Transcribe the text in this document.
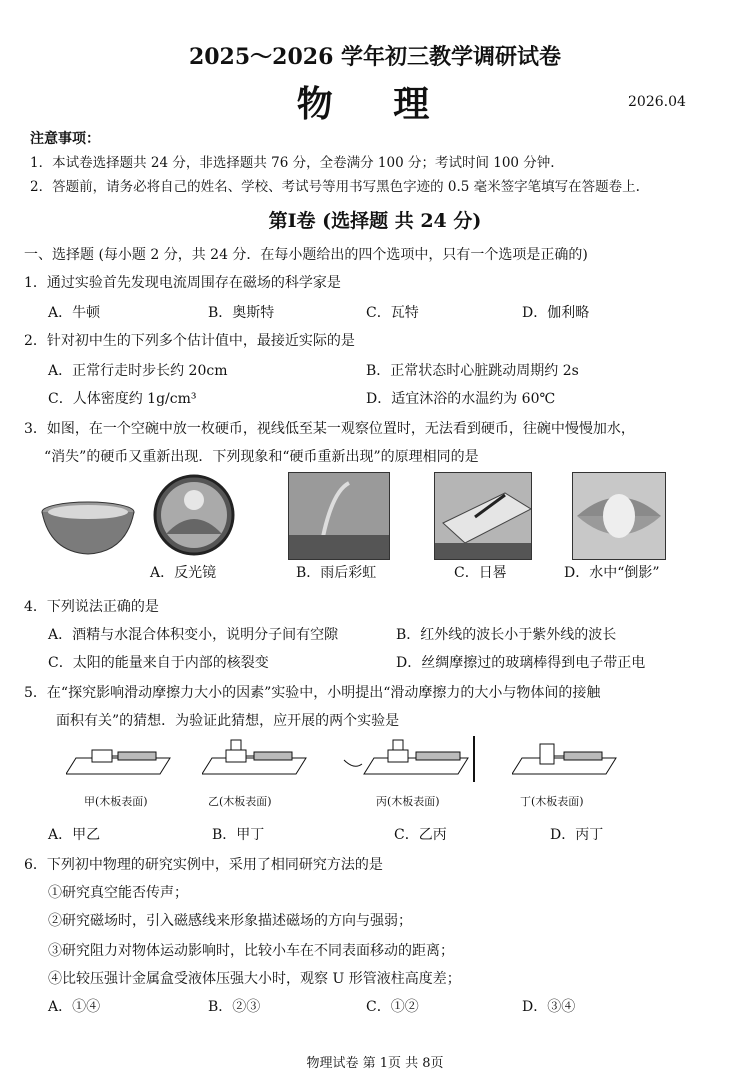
2025～2026 学年初三教学调研试卷
物 理	2026.04
注意事项：
1．本试卷选择题共 24 分，非选择题共 76 分，全卷满分 100 分；考试时间 100 分钟.
2．答题前，请务必将自己的姓名、学校、考试号等用书写黑色字迹的 0.5 毫米签字笔填写在答题卷上.
第Ⅰ卷 (选择题 共 24 分)
一、选择题 (每小题 2 分，共 24 分．在每小题给出的四个选项中，只有一个选项是正确的)
1．通过实验首先发现电流周围存在磁场的科学家是
A．牛顿	B．奥斯特	C．瓦特	D．伽利略
2．针对初中生的下列多个估计值中，最接近实际的是
A．正常行走时步长约 20cm	B．正常状态时心脏跳动周期约 2s
C．人体密度约 1g/cm³	D．适宜沐浴的水温约为 60℃
3．如图，在一个空碗中放一枚硬币，视线低至某一观察位置时，无法看到硬币，往碗中慢慢加水，
“消失”的硬币又重新出现．下列现象和“硬币重新出现”的原理相同的是
A．反光镜	B．雨后彩虹	C．日晷	D．水中“倒影”
4．下列说法正确的是
A．酒精与水混合体积变小，说明分子间有空隙	B．红外线的波长小于紫外线的波长
C．太阳的能量来自于内部的核裂变	D．丝绸摩擦过的玻璃棒得到电子带正电
5．在“探究影响滑动摩擦力大小的因素”实验中，小明提出“滑动摩擦力的大小与物体间的接触
面积有关”的猜想．为验证此猜想，应开展的两个实验是
甲(木板表面)	乙(木板表面)	丙(木板表面)	丁(木板表面)
A．甲乙	B．甲丁	C．乙丙	D．丙丁
6．下列初中物理的研究实例中，采用了相同研究方法的是
①研究真空能否传声；
②研究磁场时，引入磁感线来形象描述磁场的方向与强弱；
③研究阻力对物体运动影响时，比较小车在不同表面移动的距离；
④比较压强计金属盒受液体压强大小时，观察 U 形管液柱高度差；
A．①④	B．②③	C．①②	D．③④
物理试卷 第 1页 共 8页
